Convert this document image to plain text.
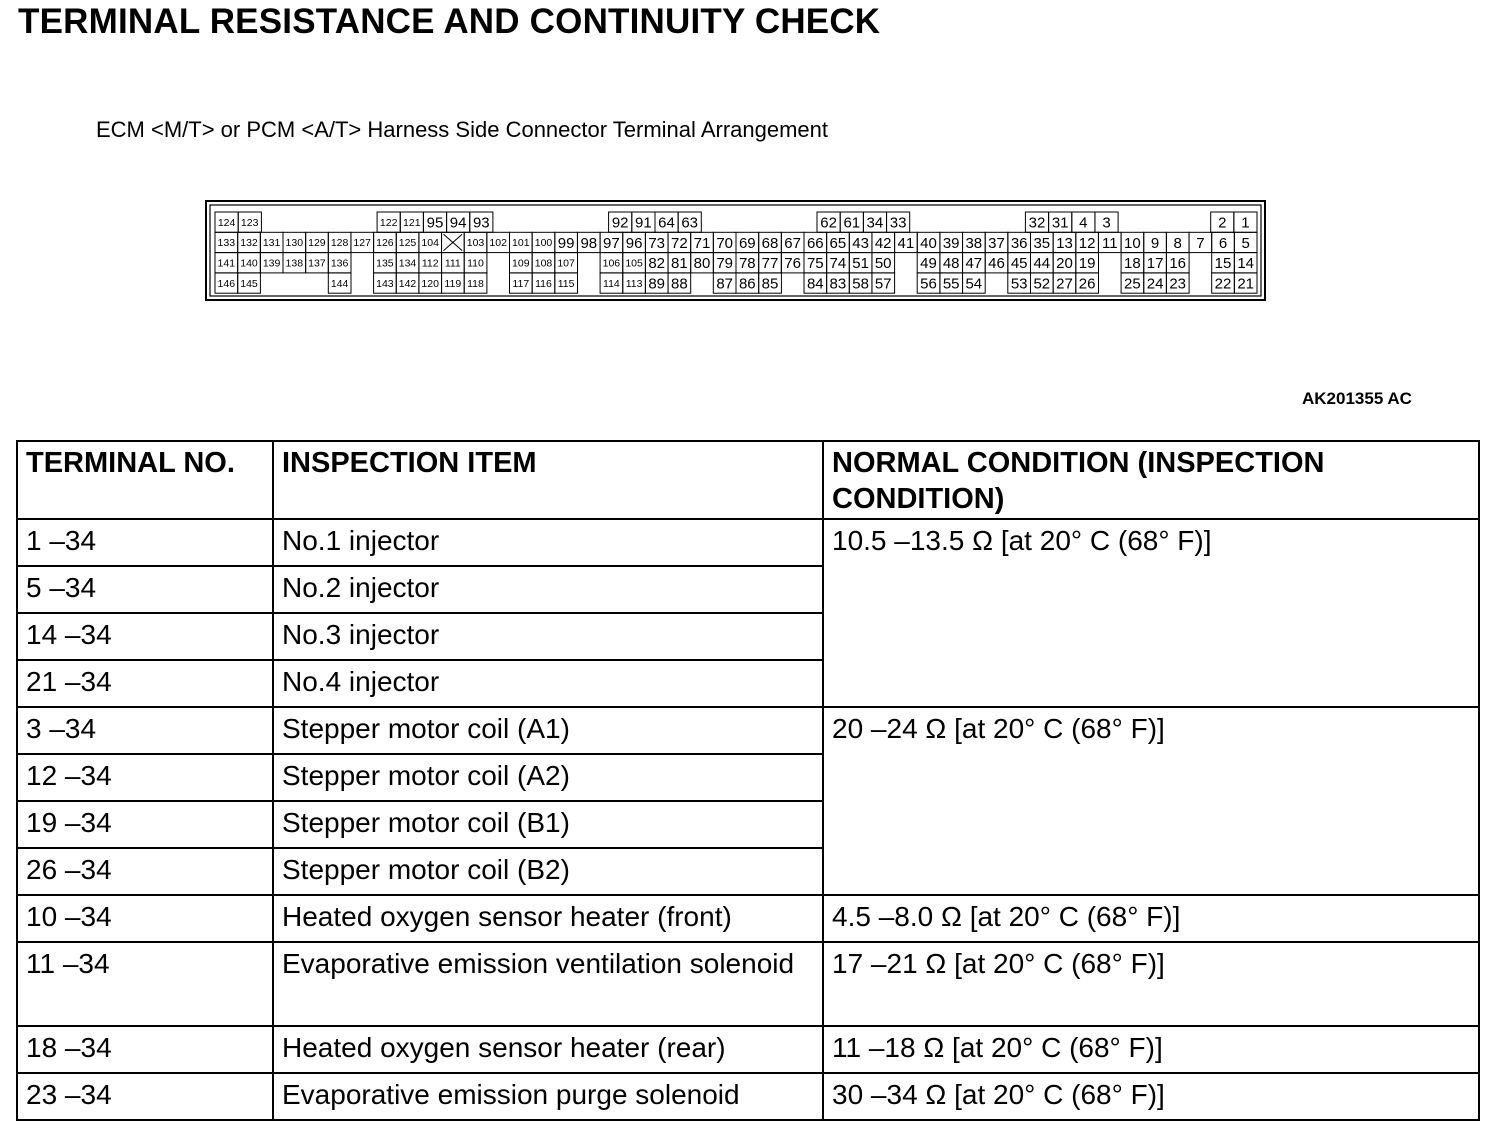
TERMINAL RESISTANCE AND CONTINUITY CHECK
ECM <M/T> or PCM <A/T> Harness Side Connector Terminal Arrangement
124 123	122 121 95 94 93	92 91 64 63	62 61 34 33	32 31 4 3	2 1
133 132 131 130 129 128 127 126 125 104	103 102 101 100 99 98 97 96 73 72 71 70 69 68 67 66 65 43 42 41 40 39 38 37 36 35 13 12 11 10 9 8 7 6 5
141 140 139 138 137 136	135 134 112 111 110	109 108 107	106 105 82 81 80 79 78 77 76 75 74 51 50 49 48 47 46 45 44 20 19 18 17 16 15 14
146 145	144	143 142 120 119 118	117 116 115	114 113 89 88 87 86 85 84 83 58 57 56 55 54 53 52 27 26 25 24 23 22 21
AK201355 AC
TERMINAL NO.	INSPECTION ITEM	NORMAL CONDITION (INSPECTION CONDITION)
1 –34	No.1 injector	10.5 –13.5 Ω [at 20° C (68° F)]
5 –34	No.2 injector	
14 –34	No.3 injector	
21 –34	No.4 injector	
3 –34	Stepper motor coil (A1)	20 –24 Ω [at 20° C (68° F)]
12 –34	Stepper motor coil (A2)	
19 –34	Stepper motor coil (B1)	
26 –34	Stepper motor coil (B2)	
10 –34	Heated oxygen sensor heater (front)	4.5 –8.0 Ω [at 20° C (68° F)]
11 –34	Evaporative emission ventilation solenoid	17 –21 Ω [at 20° C (68° F)]
18 –34	Heated oxygen sensor heater (rear)	11 –18 Ω [at 20° C (68° F)]
23 –34	Evaporative emission purge solenoid	30 –34 Ω [at 20° C (68° F)]
